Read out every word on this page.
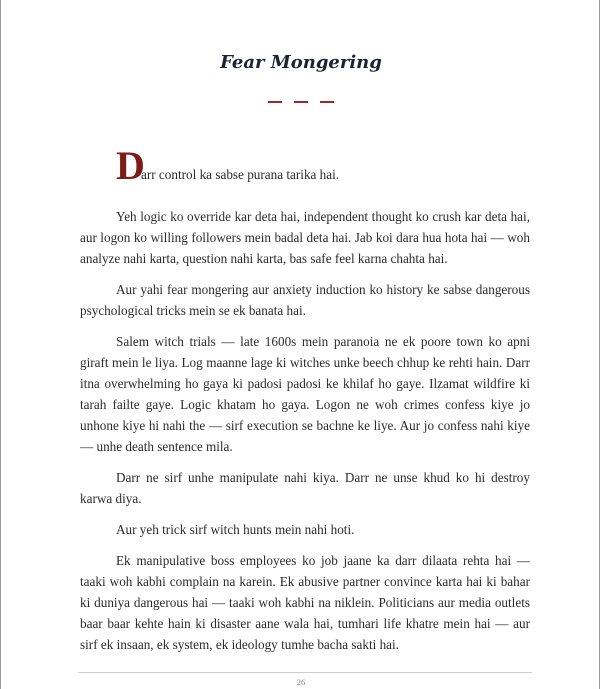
Fear Mongering

D
arr control ka sabse purana tarika hai.

Yeh logic ko override kar deta hai, independent thought ko crush kar deta hai, aur logon ko willing followers mein badal deta hai. Jab koi dara hua hota hai — woh analyze nahi karta, question nahi karta, bas safe feel karna chahta hai.

Aur yahi fear mongering aur anxiety induction ko history ke sabse dangerous psychological tricks mein se ek banata hai.

Salem witch trials — late 1600s mein paranoia ne ek poore town ko apni giraft mein le liya. Log maanne lage ki witches unke beech chhup ke rehti hain. Darr itna overwhelming ho gaya ki padosi padosi ke khilaf ho gaye. Ilzamat wildfire ki tarah failte gaye. Logic khatam ho gaya. Logon ne woh crimes confess kiye jo unhone kiye hi nahi the — sirf execution se bachne ke liye. Aur jo confess nahi kiye — unhe death sentence mila.

Darr ne sirf unhe manipulate nahi kiya. Darr ne unse khud ko hi destroy karwa diya.

Aur yeh trick sirf witch hunts mein nahi hoti.

Ek manipulative boss employees ko job jaane ka darr dilaata rehta hai — taaki woh kabhi complain na karein. Ek abusive partner convince karta hai ki bahar ki duniya dangerous hai — taaki woh kabhi na niklein. Politicians aur media outlets baar baar kehte hain ki disaster aane wala hai, tumhari life khatre mein hai — aur sirf ek insaan, ek system, ek ideology tumhe bacha sakti hai.

26
